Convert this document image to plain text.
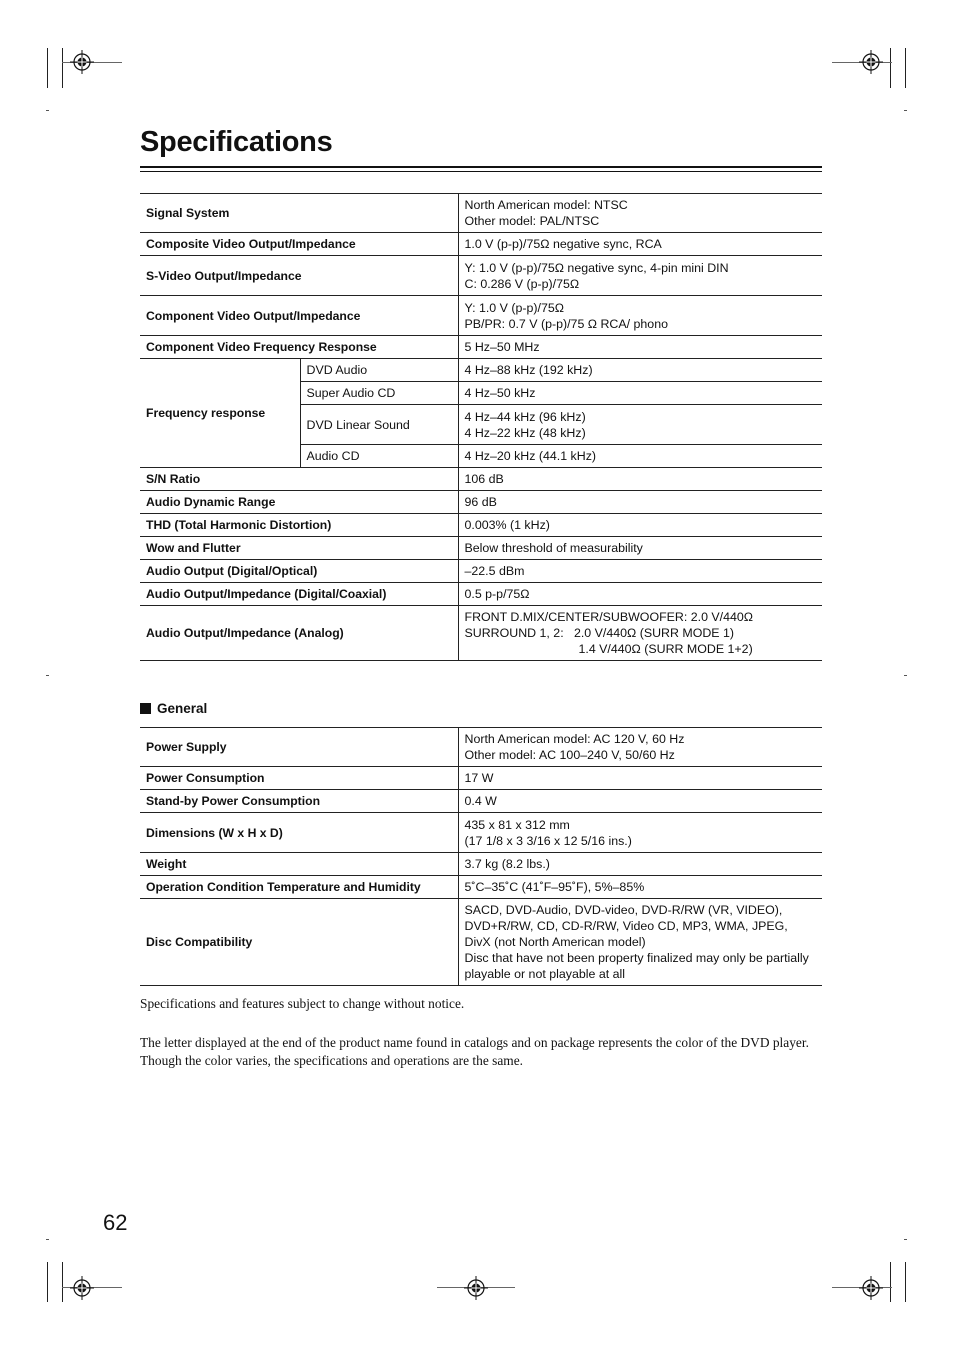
Specifications
Signal System		North American model: NTSC
Other model: PAL/NTSC

Composite Video Output/Impedance		1.0 V (p-p)/75Ω negative sync, RCA
S-Video Output/Impedance		Y: 1.0 V (p-p)/75Ω negative sync, 4-pin mini DIN
C: 0.286 V (p-p)/75Ω

Component Video Output/Impedance		Y: 1.0 V (p-p)/75Ω
PB/PR: 0.7 V (p-p)/75 Ω RCA/ phono

Component Video Frequency Response		5 Hz–50 MHz
Frequency response	DVD Audio	4 Hz–88 kHz (192 kHz)
	Super Audio CD	4 Hz–50 kHz
	DVD Linear Sound	4 Hz–44 kHz (96 kHz)
4 Hz–22 kHz (48 kHz)

	Audio CD	4 Hz–20 kHz (44.1 kHz)
S/N Ratio		106 dB
Audio Dynamic Range		96 dB
THD (Total Harmonic Distortion)		0.003% (1 kHz)
Wow and Flutter		Below threshold of measurability
Audio Output (Digital/Optical)		–22.5 dBm
Audio Output/Impedance (Digital/Coaxial)		0.5 p-p/75Ω
Audio Output/Impedance (Analog)		FRONT D.MIX/CENTER/SUBWOOFER: 2.0 V/440Ω
SURROUND 1, 2:   2.0 V/440Ω (SURR MODE 1)
1.4 V/440Ω (SURR MODE 1+2)
General
Power Supply	North American model: AC 120 V, 60 Hz
Other model: AC 100–240 V, 50/60 Hz

Power Consumption	17 W
Stand-by Power Consumption	0.4 W
Dimensions (W x H x D)	435 x 81 x 312 mm
(17 1/8 x 3 3/16 x 12 5/16 ins.)

Weight	3.7 kg (8.2 lbs.)
Operation Condition Temperature and Humidity	5˚C–35˚C (41˚F–95˚F), 5%–85%
Disc Compatibility	SACD, DVD-Audio, DVD-video, DVD-R/RW (VR, VIDEO),
DVD+R/RW, CD, CD-R/RW, Video CD, MP3, WMA, JPEG,
DivX (not North American model)
Disc that have not been property finalized may only be partially
playable or not playable at all

Specifications and features subject to change without notice.

The letter displayed at the end of the product name found in catalogs and on package represents the color of the DVD player. Though the color varies, the specifications and operations are the same.

62
